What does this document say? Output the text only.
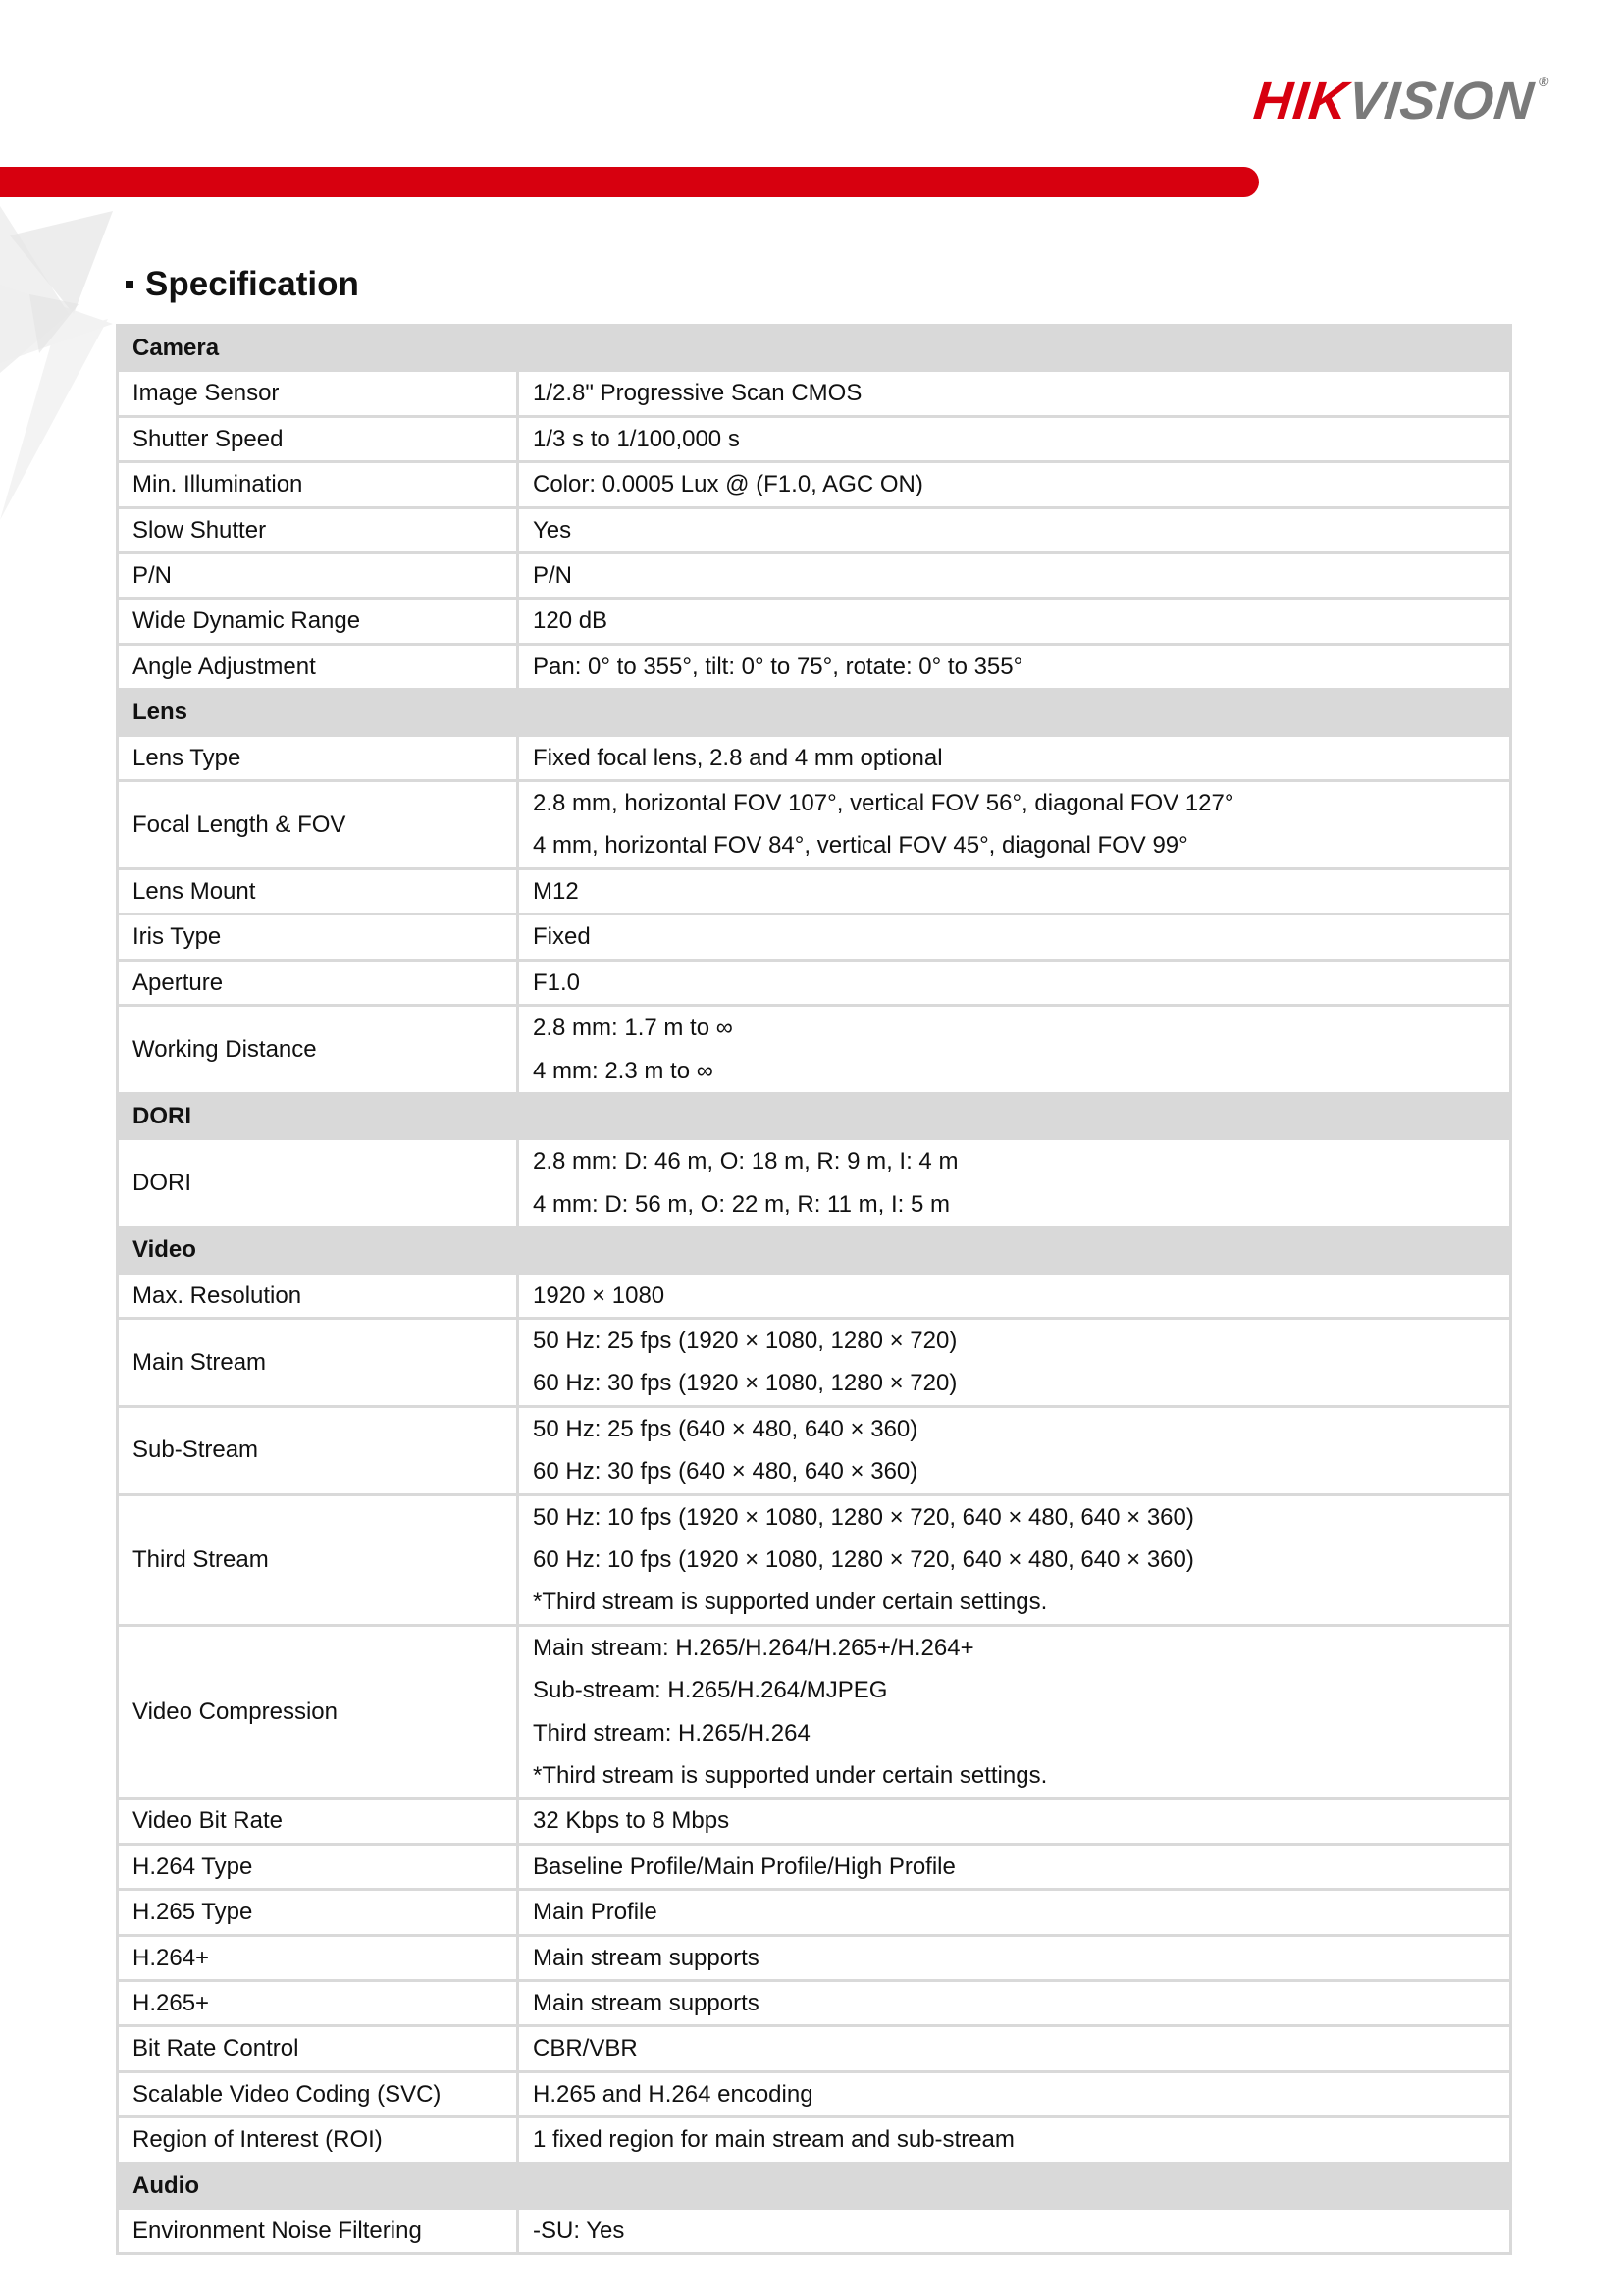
HIKVISION®
Specification
Camera	
Image Sensor	1/2.8" Progressive Scan CMOS

Shutter Speed	1/3 s to 1/100,000 s

Min. Illumination	Color: 0.0005 Lux @ (F1.0, AGC ON)

Slow Shutter	Yes

P/N	P/N

Wide Dynamic Range	120 dB

Angle Adjustment	Pan: 0° to 355°, tilt: 0° to 75°, rotate: 0° to 355°

Lens	
Lens Type	Fixed focal lens, 2.8 and 4 mm optional

Focal Length & FOV	2.8 mm, horizontal FOV 107°, vertical FOV 56°, diagonal FOV 127°
4 mm, horizontal FOV 84°, vertical FOV 45°, diagonal FOV 99°

Lens Mount	M12

Iris Type	Fixed

Aperture	F1.0

Working Distance	2.8 mm: 1.7 m to ∞
4 mm: 2.3 m to ∞

DORI	
DORI	2.8 mm: D: 46 m, O: 18 m, R: 9 m, I: 4 m
4 mm: D: 56 m, O: 22 m, R: 11 m, I: 5 m

Video	
Max. Resolution	1920 × 1080

Main Stream	50 Hz: 25 fps (1920 × 1080, 1280 × 720)
60 Hz: 30 fps (1920 × 1080, 1280 × 720)

Sub-Stream	50 Hz: 25 fps (640 × 480, 640 × 360)
60 Hz: 30 fps (640 × 480, 640 × 360)

Third Stream	50 Hz: 10 fps (1920 × 1080, 1280 × 720, 640 × 480, 640 × 360)
60 Hz: 10 fps (1920 × 1080, 1280 × 720, 640 × 480, 640 × 360)
*Third stream is supported under certain settings.

Video Compression	Main stream: H.265/H.264/H.265+/H.264+
Sub-stream: H.265/H.264/MJPEG
Third stream: H.265/H.264
*Third stream is supported under certain settings.

Video Bit Rate	32 Kbps to 8 Mbps

H.264 Type	Baseline Profile/Main Profile/High Profile

H.265 Type	Main Profile

H.264+	Main stream supports

H.265+	Main stream supports

Bit Rate Control	CBR/VBR

Scalable Video Coding (SVC)	H.265 and H.264 encoding

Region of Interest (ROI)	1 fixed region for main stream and sub-stream

Audio	
Environment Noise Filtering	-SU: Yes
